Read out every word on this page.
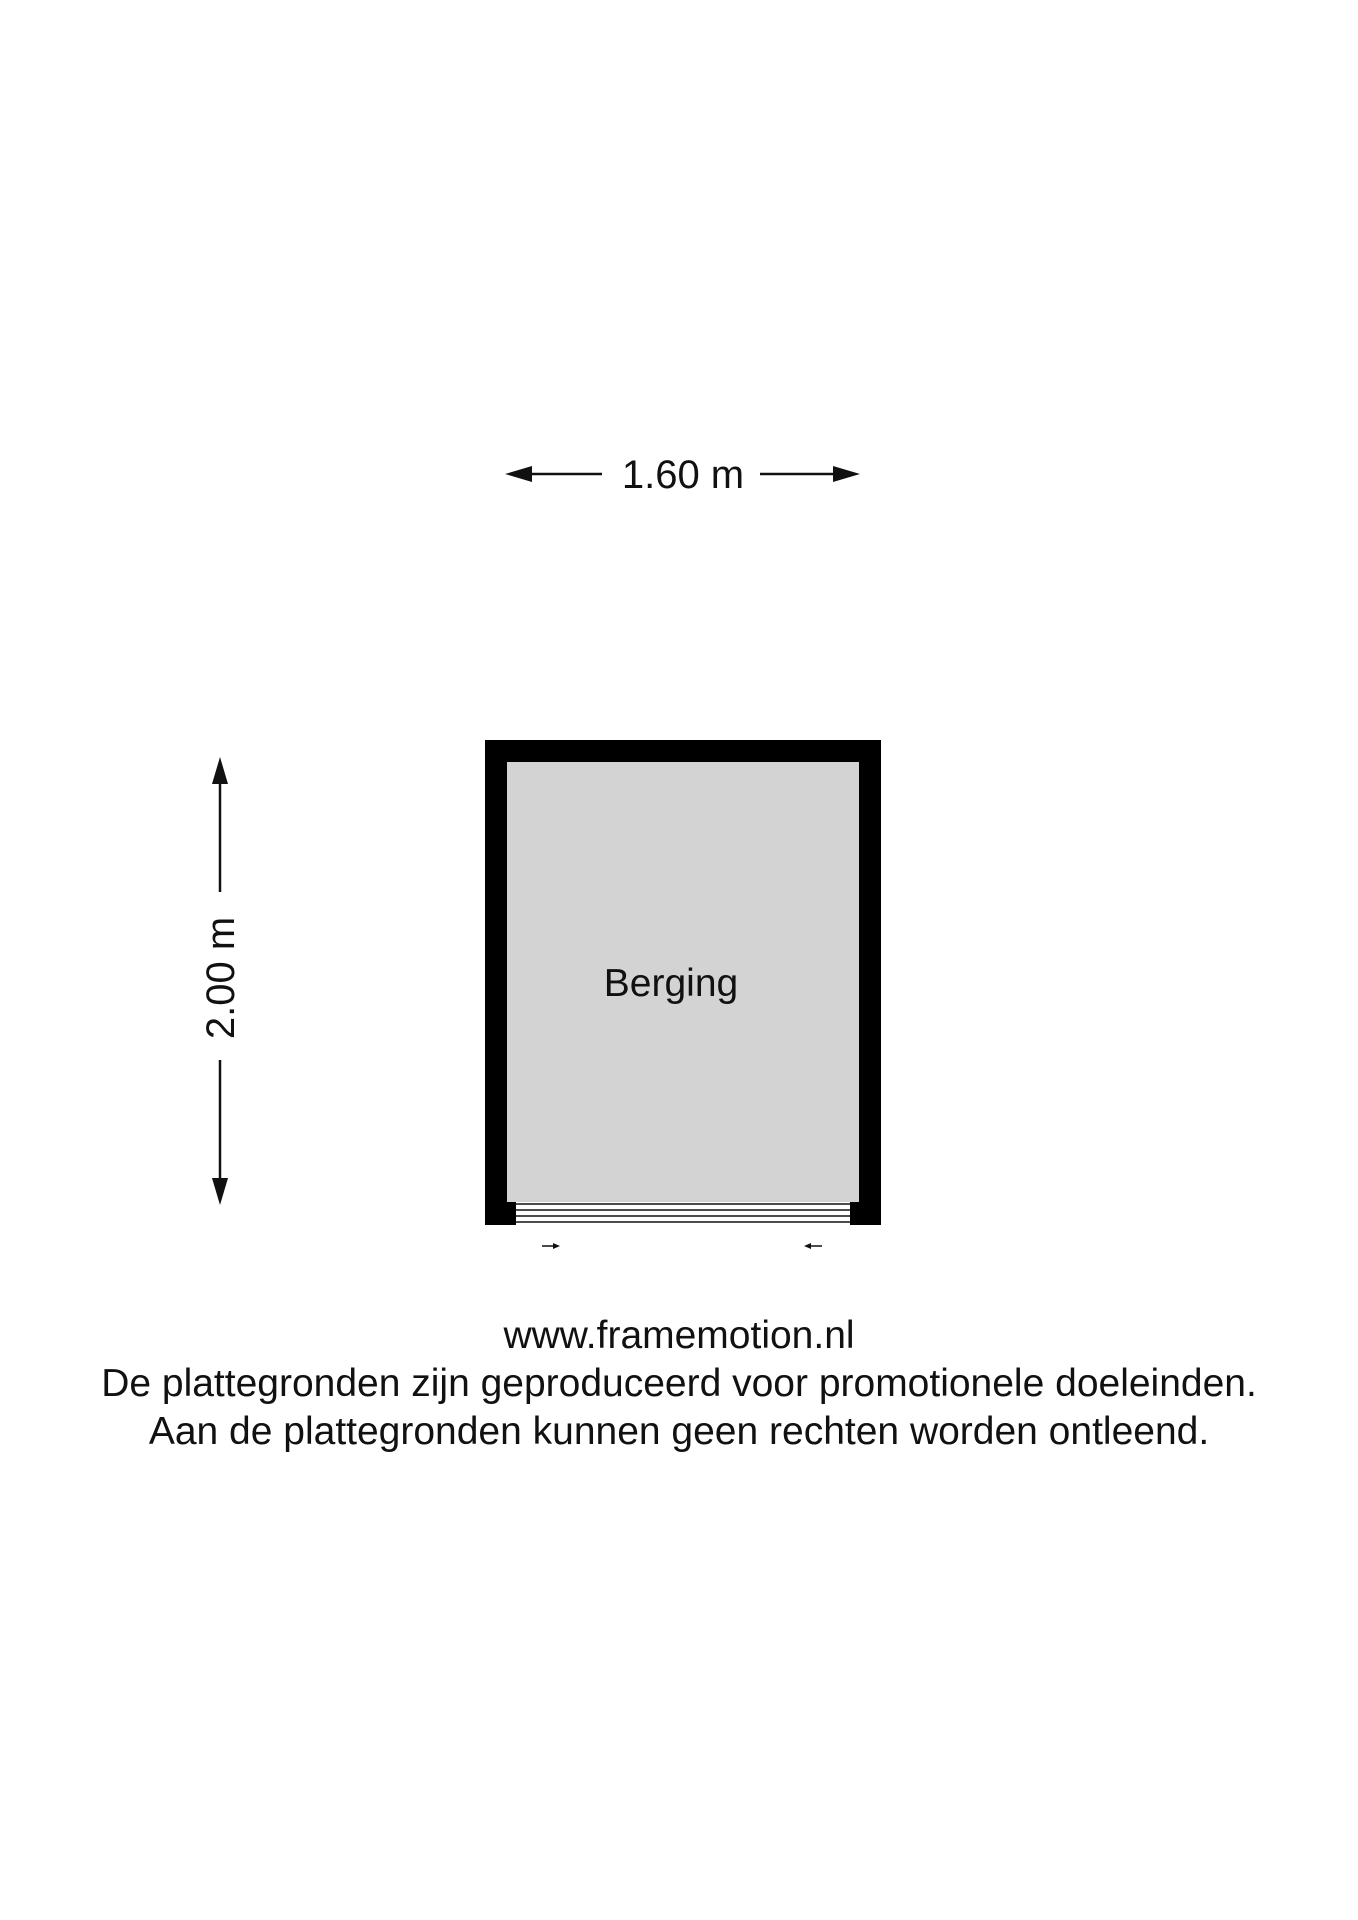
1.60 m
2.00 m	Berging
www.framemotion.nl
De plattegronden zijn geproduceerd voor promotionele doeleinden.
Aan de plattegronden kunnen geen rechten worden ontleend.
